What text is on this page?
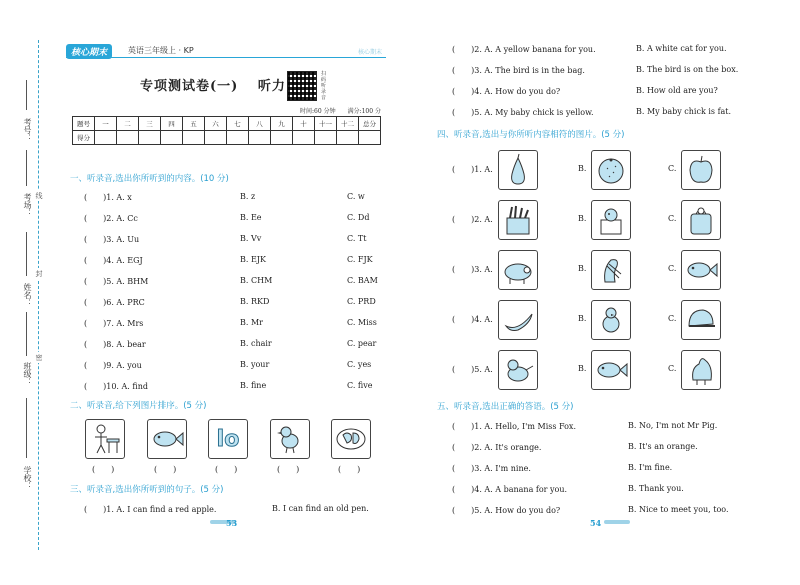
考号：
考场：
姓名：
班级：
学校：
线
封
密
核心期末	英语三年级上 · KP	核心期末
专项测试卷(一)　 听力
扫码听录音
时间:60 分钟　　满分:100 分
题号	一	二	三	四	五	六	七	八	九	十	十一	十二	总分
得分													
一、听录音,选出你所听到的内容。(10 分)
(　　)1. A. x	B. z	C. w
(　　)2. A. Cc	B. Ee	C. Dd
(　　)3. A. Uu	B. Vv	C. Tt
(　　)4. A. EGJ	B. EJK	C. FJK
(　　)5. A. BHM	B. CHM	C. BAM
(　　)6. A. PRC	B. RKD	C. PRD
(　　)7. A. Mrs	B. Mr	C. Miss
(　　)8. A. bear	B. chair	C. pear
(　　)9. A. you	B. your	C. yes
(　　)10. A. find	B. fine	C. five
二、听录音,给下列图片排序。(5 分)
lo
(　　)	(　　)	(　　)	(　　)	(　　)
三、听录音,选出你所听到的句子。(5 分)
(　　)1. A. I can find a red apple.	B. I can find an old pen.
(　　)2. A. A yellow banana for you.	B. A white cat for you.
(　　)3. A. The bird is in the bag.	B. The bird is on the box.
(　　)4. A. How do you do?	B. How old are you?
(　　)5. A. My baby chick is yellow.	B. My baby chick is fat.
四、听录音,选出与你所听内容相符的图片。(5 分)
(　　)1. A.	B.	C.
(　　)2. A.	B.	C.
(　　)3. A.	B.	C.
(　　)4. A.	B.	C.
(　　)5. A.	B.	C.
五、听录音,选出正确的答语。(5 分)
(　　)1. A. Hello, I'm Miss Fox.	B. No, I'm not Mr Pig.
(　　)2. A. It's orange.	B. It's an orange.
(　　)3. A. I'm nine.	B. I'm fine.
(　　)4. A. A banana for you.	B. Thank you.
(　　)5. A. How do you do?	B. Nice to meet you, too.
53	54
